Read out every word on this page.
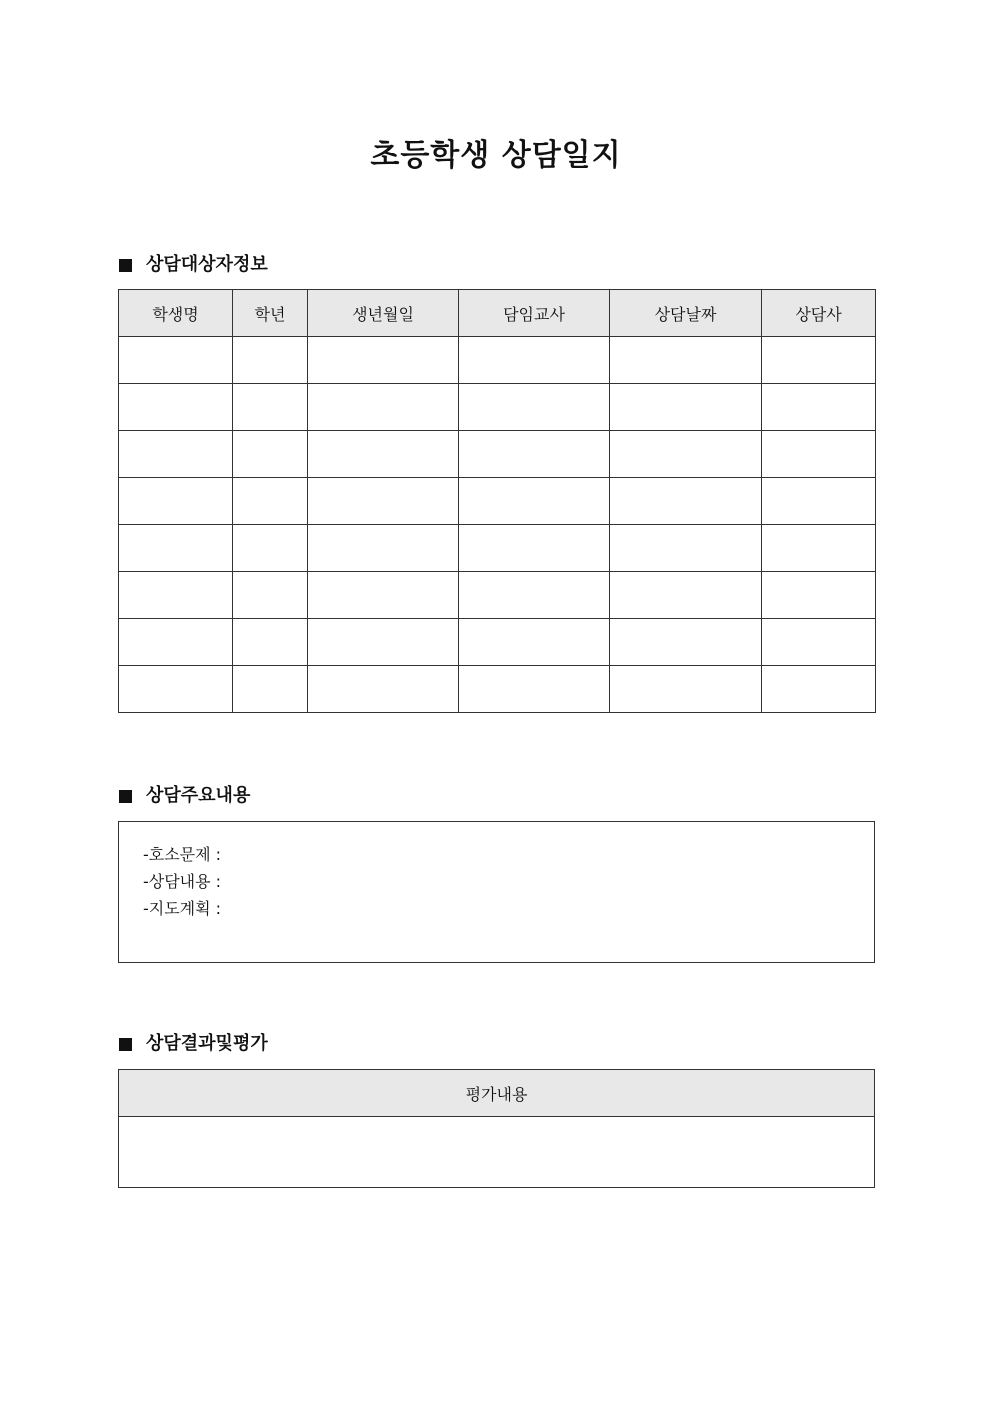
초등학생 상담일지
상담대상자정보
학생명	학년	생년월일	담임교사	상담날짜	상담사

상담주요내용
-호소문제 :
-상담내용 :
-지도계획 :
상담결과및평가
평가내용
